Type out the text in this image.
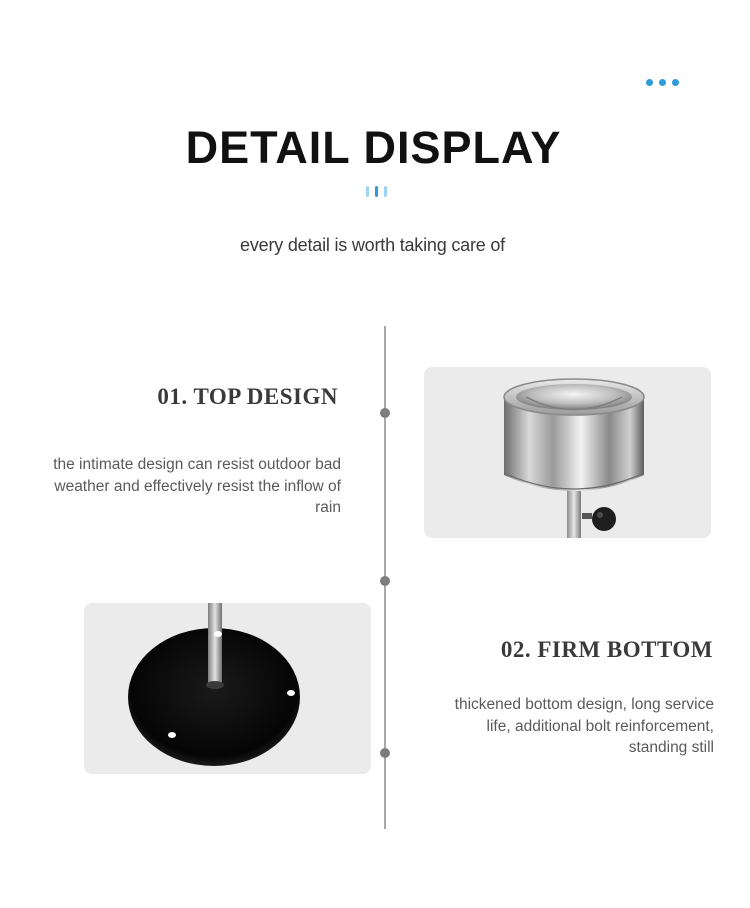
DETAIL DISPLAY

every detail is worth taking care of

01. TOP DESIGN

the intimate design can resist outdoor bad weather and effectively resist the inflow of rain

02. FIRM BOTTOM

thickened bottom design, long service life, additional bolt reinforcement, standing still
